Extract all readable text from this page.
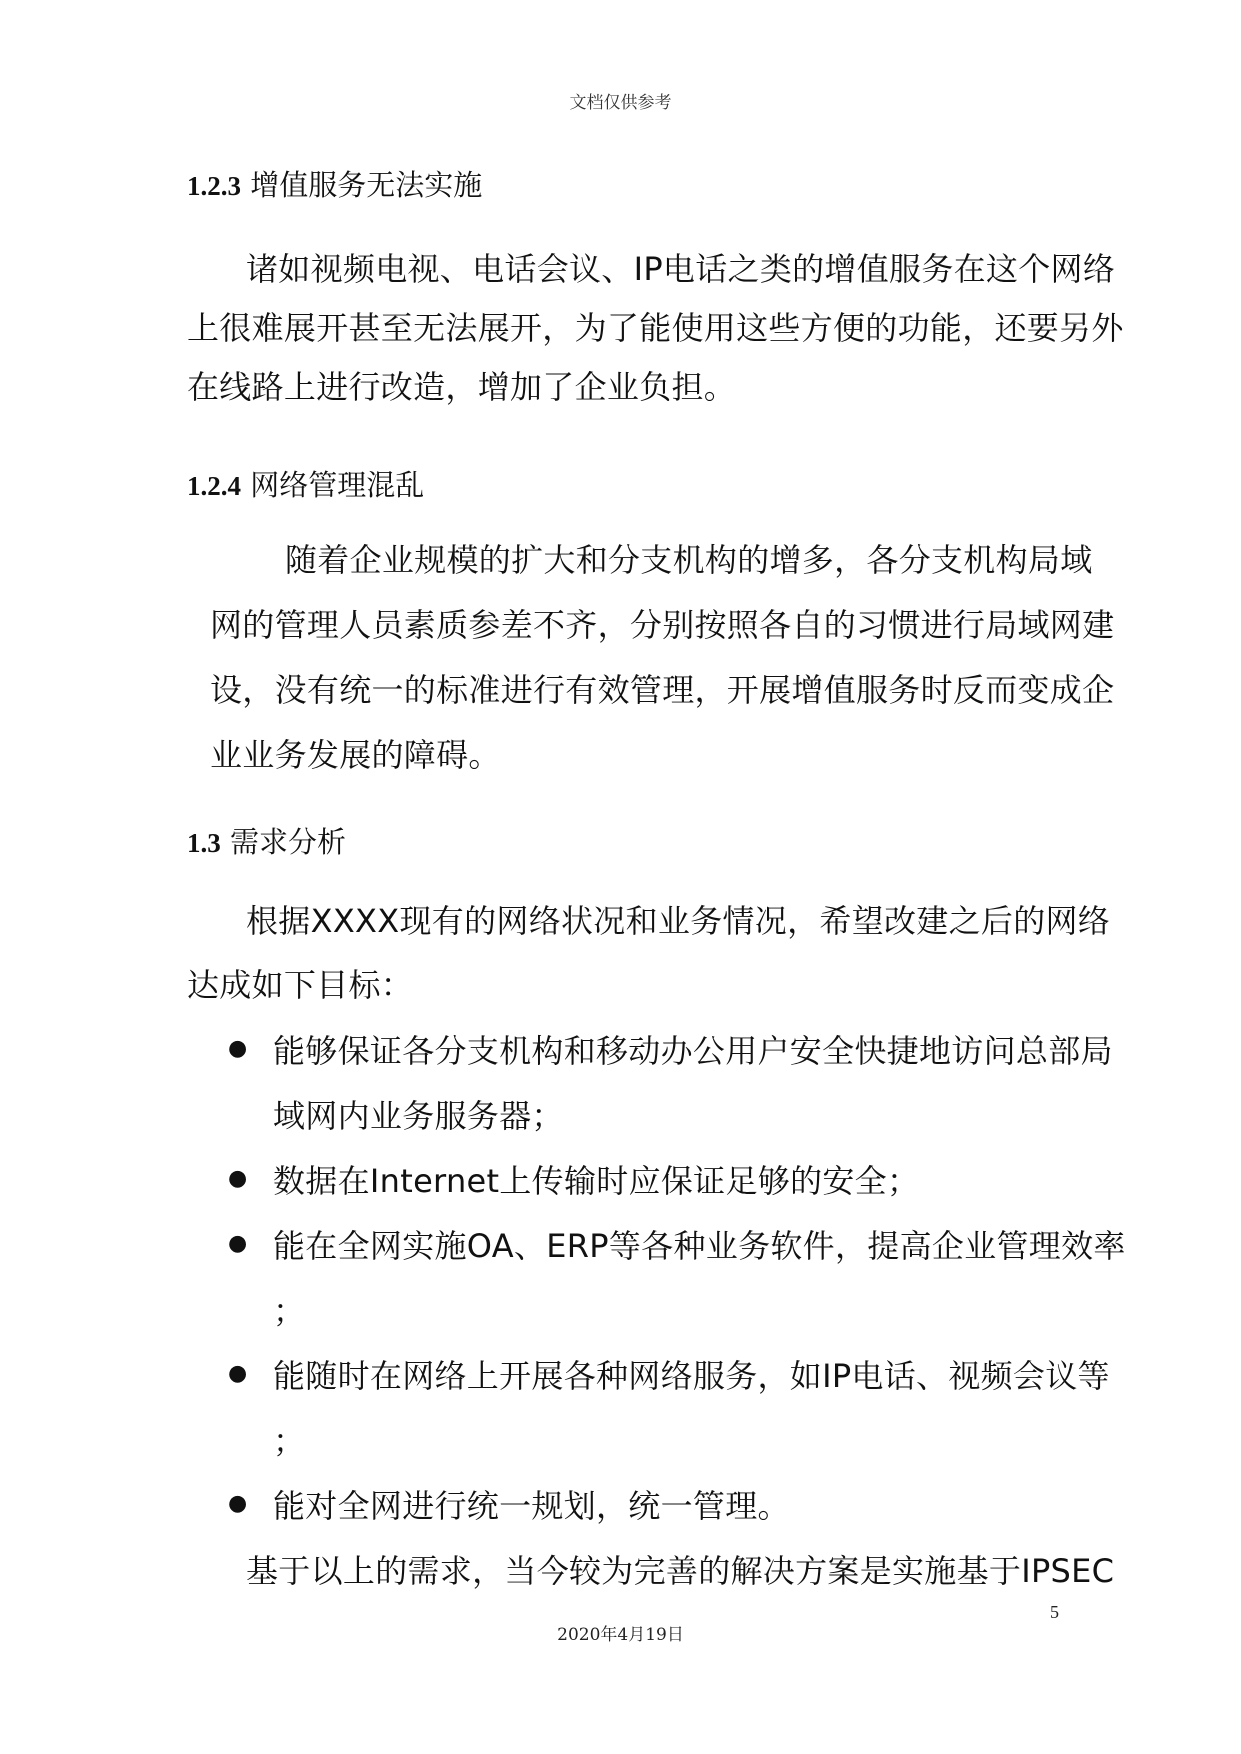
文档仅供参考
1.2.3 增值服务无法实施
诸如视频电视、电话会议、IP电话之类的增值服务在这个网络
上很难展开甚至无法展开，为了能使用这些方便的功能，还要另外
在线路上进行改造，增加了企业负担。
1.2.4 网络管理混乱
随着企业规模的扩大和分支机构的增多，各分支机构局域
网的管理人员素质参差不齐，分别按照各自的习惯进行局域网建
设，没有统一的标准进行有效管理，开展增值服务时反而变成企
业业务发展的障碍。
1.3 需求分析
根据XXXX现有的网络状况和业务情况，希望改建之后的网络
达成如下目标：
● 能够保证各分支机构和移动办公用户安全快捷地访问总部局
域网内业务服务器；
● 数据在Internet上传输时应保证足够的安全；
● 能在全网实施OA、ERP等各种业务软件，提高企业管理效率
；
● 能随时在网络上开展各种网络服务，如IP电话、视频会议等
；
● 能对全网进行统一规划，统一管理。
基于以上的需求，当今较为完善的解决方案是实施基于IPSEC
5
2020年4月19日
